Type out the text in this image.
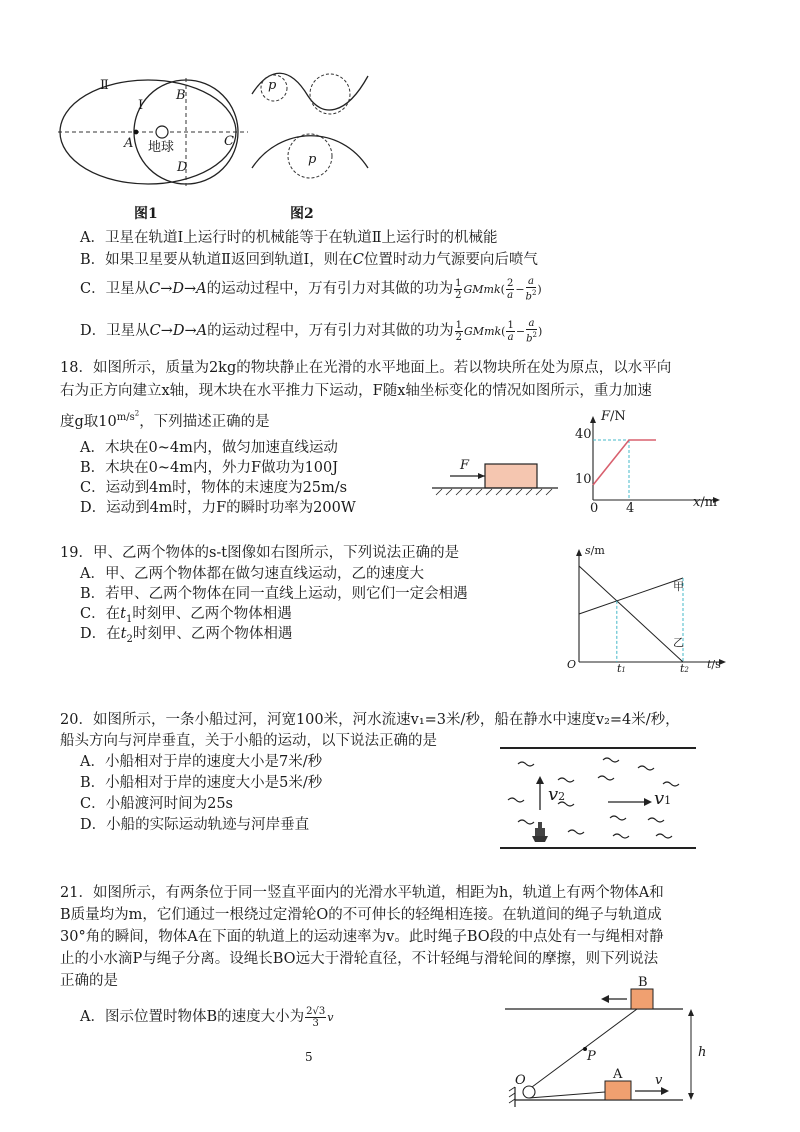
Ⅱ
Ⅰ
A
B
C
D
地球
图1
p
p
图2
A．卫星在轨道Ⅰ上运行时的机械能等于在轨道Ⅱ上运行时的机械能
B．如果卫星要从轨道Ⅱ返回到轨道Ⅰ，则在C位置时动力气源要向后喷气
C．卫星从C→D→A的运动过程中，万有引力对其做的功为 $\frac{1}{2}$ GMmk( $\frac{2}{a} - \frac{a}{b^2}$ )
D．卫星从C→D→A的运动过程中，万有引力对其做的功为 $\frac{1}{2}$ GMmk( $\frac{1}{a} - \frac{a}{b^2}$ )
18．如图所示，质量为2kg的物块静止在光滑的水平地面上。若以物块所在处为原点，以水平向
右为正方向建立x轴，现木块在水平推力下运动，F随x轴坐标变化的情况如图所示，重力加速
度g取$10^{m/s^2}$，下列描述正确的是
A．木块在0~4m内，做匀加速直线运动
B．木块在0~4m内，外力F做功为100J
C．运动到4m时，物体的末速度为25m/s
D．运动到4m时，力F的瞬时功率为200W
F
F/N
x/m
40
10
0 4
19．甲、乙两个物体的s-t图像如右图所示，下列说法正确的是
A．甲、乙两个物体都在做匀速直线运动，乙的速度大
B．若甲、乙两个物体在同一直线上运动，则它们一定会相遇
C．在$t_1$时刻甲、乙两个物体相遇
D．在$t_2$时刻甲、乙两个物体相遇
s/m
t/s
O
甲
乙
t1	t2
20．如图所示，一条小船过河，河宽100米，河水流速v₁=3米/秒，船在静水中速度v₂=4米/秒，
船头方向与河岸垂直，关于小船的运动，以下说法正确的是
A．小船相对于岸的速度大小是7米/秒
B．小船相对于岸的速度大小是5米/秒
C．小船渡河时间为25s
D．小船的实际运动轨迹与河岸垂直
v2	v1
21．如图所示，有两条位于同一竖直平面内的光滑水平轨道，相距为h，轨道上有两个物体A和
B质量均为m，它们通过一根绕过定滑轮O的不可伸长的轻绳相连接。在轨道间的绳子与轨道成
30°角的瞬间，物体A在下面的轨道上的运动速率为v。此时绳子BO段的中点处有一与绳相对静
止的小水滴P与绳子分离。设绳长BO远大于滑轮直径，不计轻绳与滑轮间的摩擦，则下列说法
正确的是
A．图示位置时物体B的速度大小为 $\frac{2√3}{3}$ v
B
A
O
P	h
v
5
